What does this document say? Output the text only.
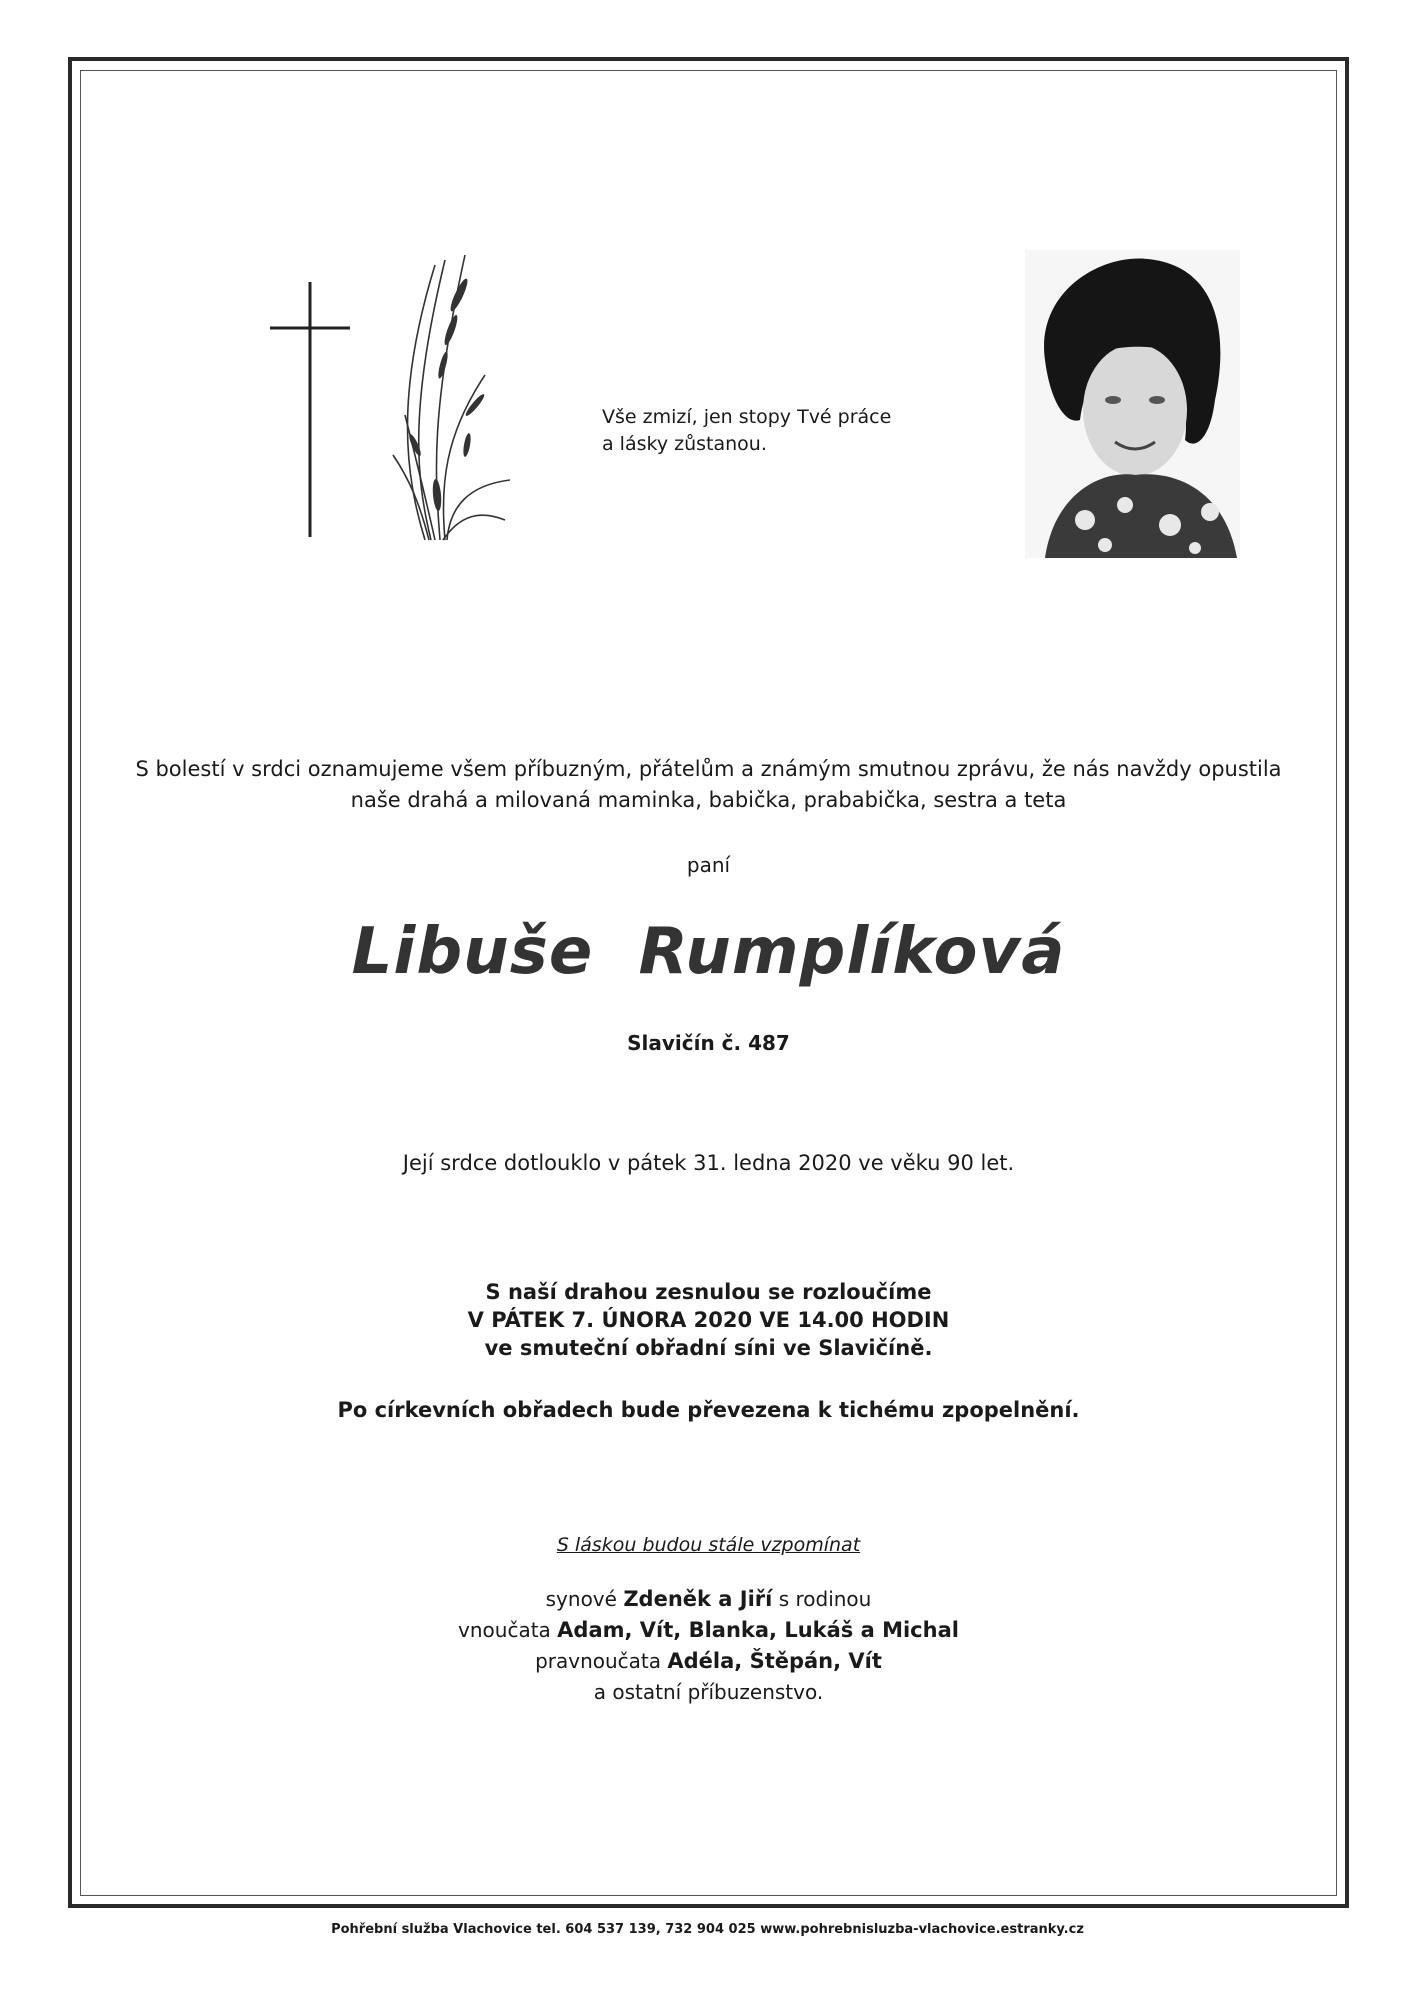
Vše zmizí, jen stopy Tvé práce
a lásky zůstanou.
S bolestí v srdci oznamujeme všem příbuzným, přátelům a známým smutnou zprávu, že nás navždy opustila
naše drahá a milovaná maminka, babička, prababička, sestra a teta
paní
Libuše Rumplíková
Slavičín č. 487
Její srdce dotlouklo v pátek 31. ledna 2020 ve věku 90 let.
S naší drahou zesnulou se rozloučíme
V PÁTEK 7. ÚNORA 2020 VE 14.00 HODIN
ve smuteční obřadní síni ve Slavičíně.
Po církevních obřadech bude převezena k tichému zpopelnění.
S láskou budou stále vzpomínat
synové Zdeněk a Jiří s rodinou
vnoučata Adam, Vít, Blanka, Lukáš a Michal
pravnoučata Adéla, Štěpán, Vít
a ostatní příbuzenstvo.
Pohřební služba Vlachovice tel. 604 537 139, 732 904 025 www.pohrebnisluzba-vlachovice.estranky.cz
